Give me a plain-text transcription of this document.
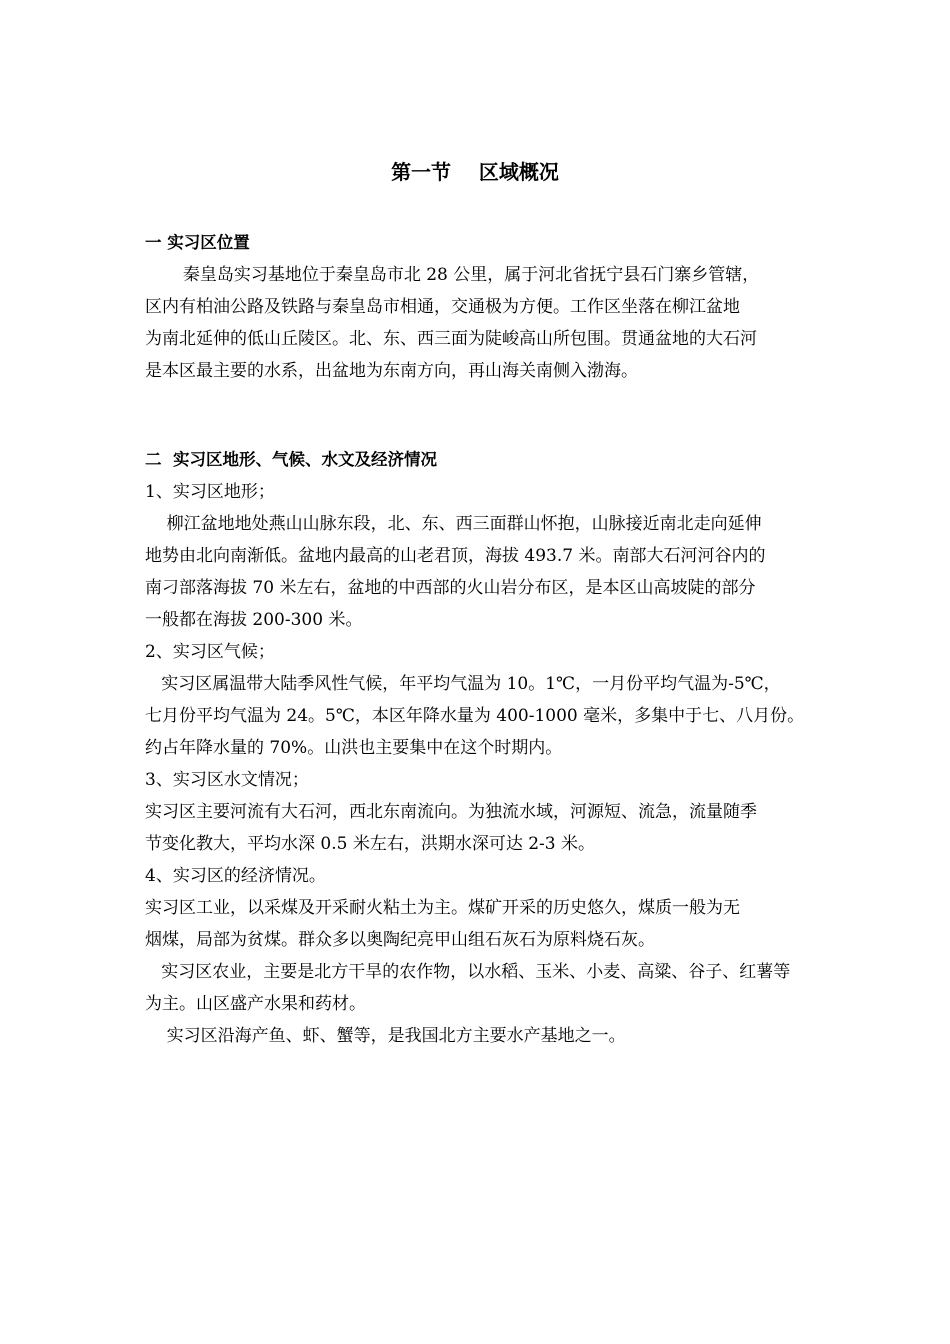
第一节    区域概况
一 实习区位置
秦皇岛实习基地位于秦皇岛市北 28 公里，属于河北省抚宁县石门寨乡管辖，
区内有柏油公路及铁路与秦皇岛市相通，交通极为方便。工作区坐落在柳江盆地
为南北延伸的低山丘陵区。北、东、西三面为陡峻高山所包围。贯通盆地的大石河
是本区最主要的水系，出盆地为东南方向，再山海关南侧入渤海。
二  实习区地形、气候、水文及经济情况
1、实习区地形；
柳江盆地地处燕山山脉东段，北、东、西三面群山怀抱，山脉接近南北走向延伸
地势由北向南渐低。盆地内最高的山老君顶，海拔 493.7 米。南部大石河河谷内的
南刁部落海拔 70 米左右，盆地的中西部的火山岩分布区，是本区山高坡陡的部分
一般都在海拔 200-300 米。
2、实习区气候；
实习区属温带大陆季风性气候，年平均气温为 10。1℃，一月份平均气温为-5℃，
七月份平均气温为 24。5℃，本区年降水量为 400-1000 毫米，多集中于七、八月份。
约占年降水量的 70%。山洪也主要集中在这个时期内。
3、实习区水文情况；
实习区主要河流有大石河，西北东南流向。为独流水域，河源短、流急，流量随季
节变化教大，平均水深 0.5 米左右，洪期水深可达 2-3 米。
4、实习区的经济情况。
实习区工业，以采煤及开采耐火粘土为主。煤矿开采的历史悠久，煤质一般为无
烟煤，局部为贫煤。群众多以奥陶纪亮甲山组石灰石为原料烧石灰。
实习区农业，主要是北方干旱的农作物，以水稻、玉米、小麦、高粱、谷子、红薯等
为主。山区盛产水果和药材。
实习区沿海产鱼、虾、蟹等，是我国北方主要水产基地之一。
